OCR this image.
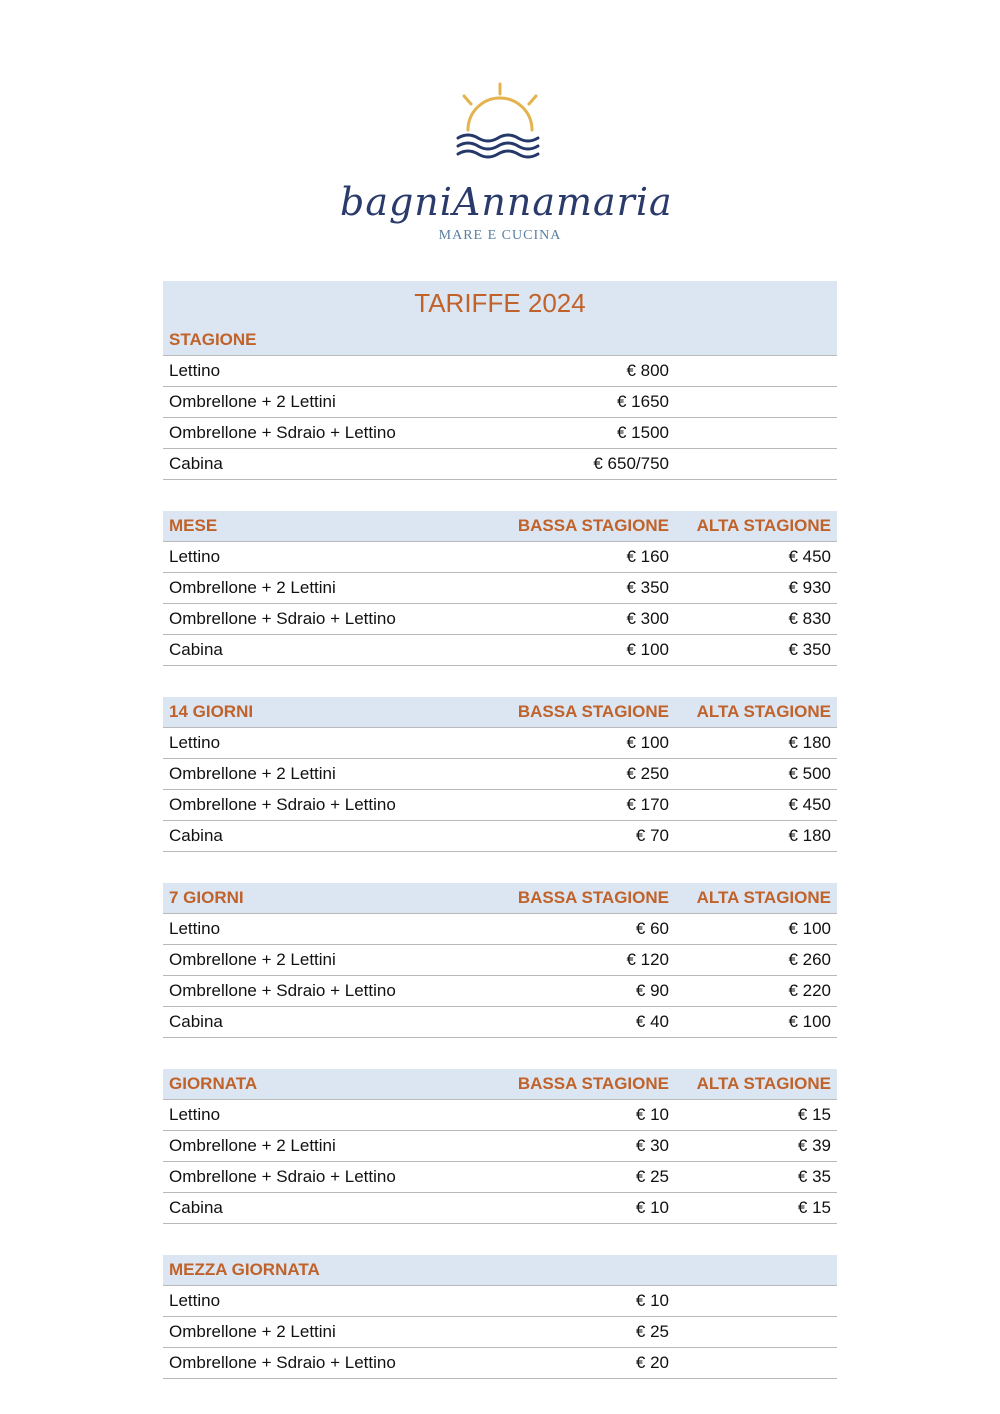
bagniAnnamaria
MARE E CUCINA
TARIFFE 2024
STAGIONE
Lettino	€ 800
Ombrellone + 2 Lettini	€ 1650
Ombrellone + Sdraio + Lettino	€ 1500
Cabina	€ 650/750
MESE	BASSA STAGIONE	ALTA STAGIONE
Lettino	€ 160	€ 450
Ombrellone + 2 Lettini	€ 350	€ 930
Ombrellone + Sdraio + Lettino	€ 300	€ 830
Cabina	€ 100	€ 350
14 GIORNI	BASSA STAGIONE	ALTA STAGIONE
Lettino	€ 100	€ 180
Ombrellone + 2 Lettini	€ 250	€ 500
Ombrellone + Sdraio + Lettino	€ 170	€ 450
Cabina	€ 70	€ 180
7 GIORNI	BASSA STAGIONE	ALTA STAGIONE
Lettino	€ 60	€ 100
Ombrellone + 2 Lettini	€ 120	€ 260
Ombrellone + Sdraio + Lettino	€ 90	€ 220
Cabina	€ 40	€ 100
GIORNATA	BASSA STAGIONE	ALTA STAGIONE
Lettino	€ 10	€ 15
Ombrellone + 2 Lettini	€ 30	€ 39
Ombrellone + Sdraio + Lettino	€ 25	€ 35
Cabina	€ 10	€ 15
MEZZA GIORNATA
Lettino	€ 10
Ombrellone + 2 Lettini	€ 25
Ombrellone + Sdraio + Lettino	€ 20
